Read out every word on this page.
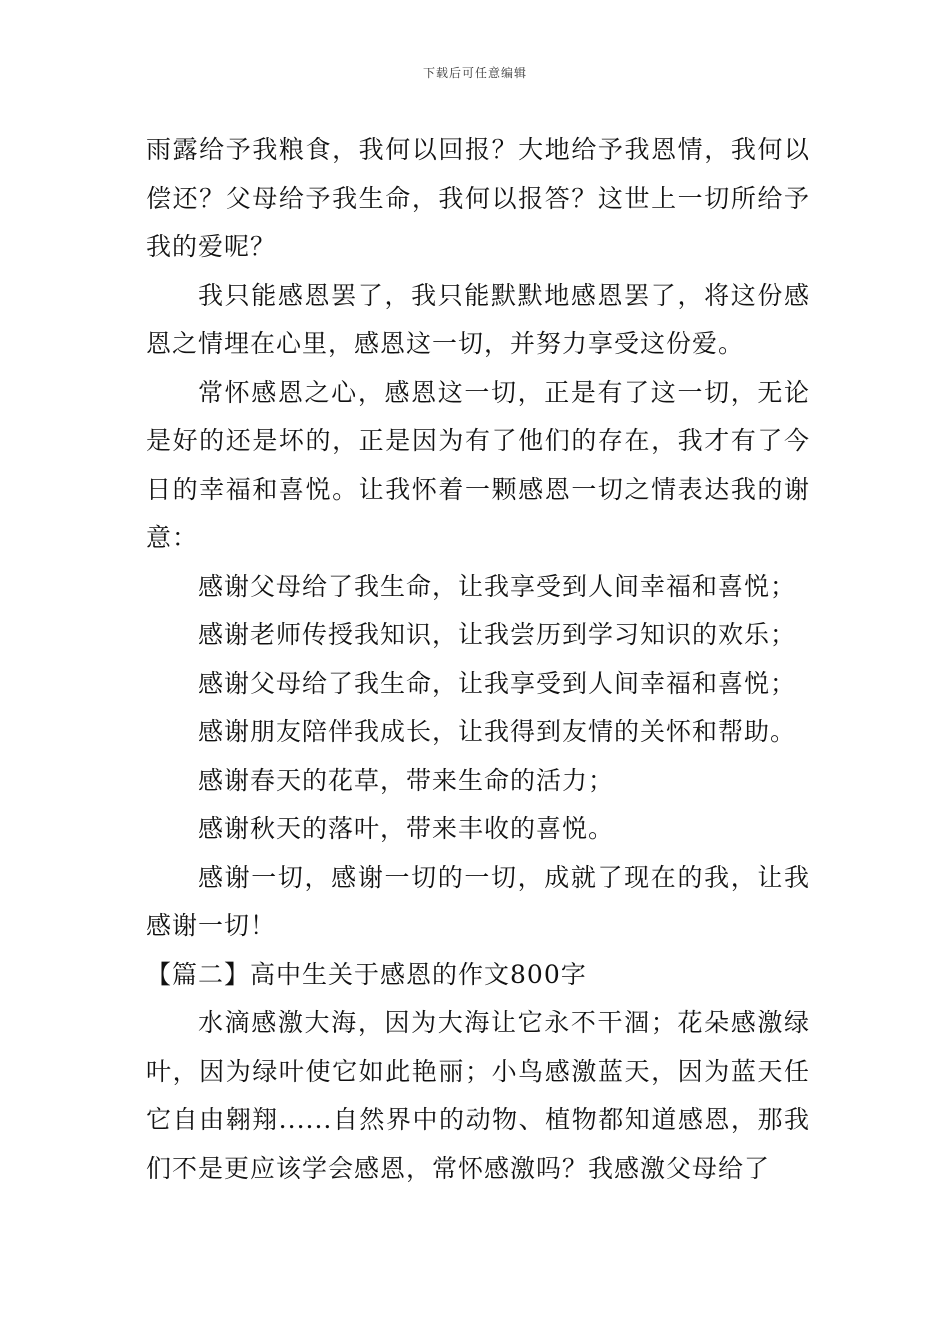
下载后可任意编辑

雨露给予我粮食，我何以回报？大地给予我恩情，我何以偿还？父母给予我生命，我何以报答？这世上一切所给予我的爱呢？

我只能感恩罢了，我只能默默地感恩罢了，将这份感恩之情埋在心里，感恩这一切，并努力享受这份爱。

常怀感恩之心，感恩这一切，正是有了这一切，无论是好的还是坏的，正是因为有了他们的存在，我才有了今日的幸福和喜悦。让我怀着一颗感恩一切之情表达我的谢意：

感谢父母给了我生命，让我享受到人间幸福和喜悦；

感谢老师传授我知识，让我尝历到学习知识的欢乐；

感谢父母给了我生命，让我享受到人间幸福和喜悦；

感谢朋友陪伴我成长，让我得到友情的关怀和帮助。

感谢春天的花草，带来生命的活力；

感谢秋天的落叶，带来丰收的喜悦。

感谢一切，感谢一切的一切，成就了现在的我，让我感谢一切！

【篇二】高中生关于感恩的作文800字

水滴感激大海，因为大海让它永不干涸；花朵感激绿叶，因为绿叶使它如此艳丽；小鸟感激蓝天，因为蓝天任它自由翱翔......自然界中的动物、植物都知道感恩，那我们不是更应该学会感恩，常怀感激吗？我感激父母给了
